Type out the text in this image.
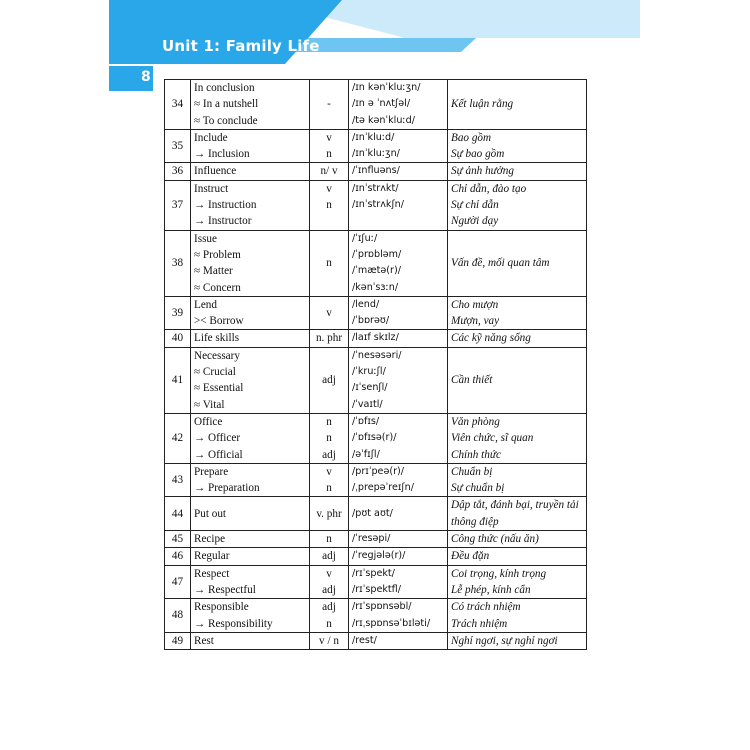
Unit 1: Family Life
8
34	In conclusion
≈ In a nutshell
≈ To conclude	-	/ɪn kənˈkluːʒn/
/ɪn ə ˈnʌtʃəl/
/tə kənˈkluːd/	Kết luận rằng

35	Include
→ Inclusion	v
n	/ɪnˈkluːd/
/ɪnˈkluːʒn/	Bao gồm
Sự bao gồm

36	Influence	n/ v	/ˈɪnfluəns/	Sự ảnh hưởng

37	Instruct
→ Instruction
→ Instructor	v
n	/ɪnˈstrʌkt/
/ɪnˈstrʌkʃn/	Chỉ dẫn, đào tạo
Sự chỉ dẫn
Người dạy

38	Issue
≈ Problem
≈ Matter
≈ Concern	n	/ˈɪʃuː/
/ˈprɒbləm/
/ˈmætə(r)/
/kənˈsɜːn/	Vấn đề, mối quan tâm

39	Lend
>< Borrow	v	/lend/
/ˈbɒrəʊ/	Cho mượn
Mượn, vay

40	Life skills	n. phr	/laɪf skɪlz/	Các kỹ năng sống

41	Necessary
≈ Crucial
≈ Essential
≈ Vital	adj	/ˈnesəsəri/
/ˈkruːʃl/
/ɪˈsenʃl/
/ˈvaɪtl/	Cần thiết

42	Office
→ Officer
→ Official	n
n
adj	/ˈɒfɪs/
/ˈɒfɪsə(r)/
/əˈfɪʃl/	Văn phòng
Viên chức, sĩ quan
Chính thức

43	Prepare
→ Preparation	v
n	/prɪˈpeə(r)/
/ˌprepəˈreɪʃn/	Chuẩn bị
Sự chuẩn bị

44	Put out	v. phr	/pʊt aʊt/	Dập tắt, đánh bại, truyền tải thông điệp

45	Recipe	n	/ˈresəpi/	Công thức (nấu ăn)

46	Regular	adj	/ˈregjələ(r)/	Đều đặn

47	Respect
→ Respectful	v
adj	/rɪˈspekt/
/rɪˈspektfl/	Coi trọng, kính trọng
Lễ phép, kính cẩn

48	Responsible
→ Responsibility	adj
n	/rɪˈspɒnsəbl/
/rɪˌspɒnsəˈbɪləti/	Có trách nhiệm
Trách nhiệm

49	Rest	v / n	/rest/	Nghỉ ngơi, sự nghỉ ngơi
